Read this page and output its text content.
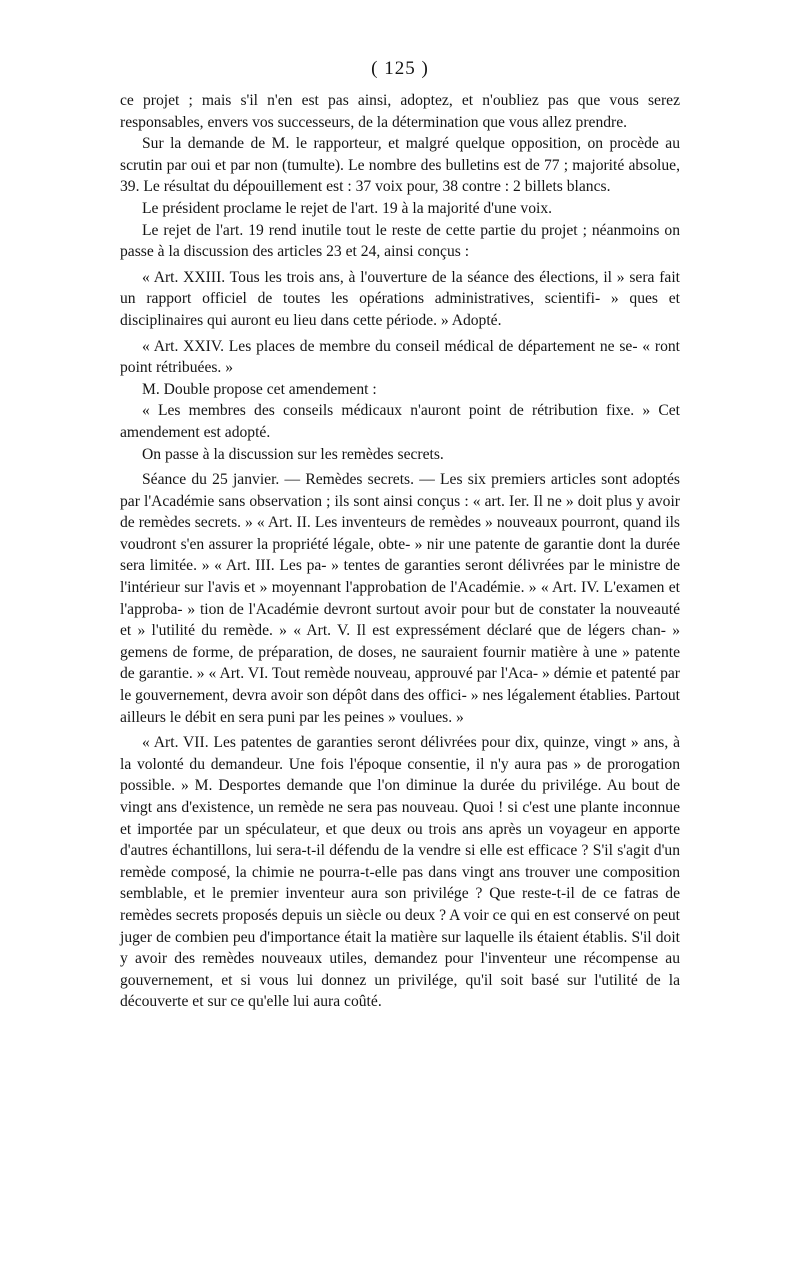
( 125 )

ce projet ; mais s'il n'en est pas ainsi, adoptez, et n'oubliez pas que vous serez responsables, envers vos successeurs, de la détermination que vous allez prendre.

Sur la demande de M. le rapporteur, et malgré quelque opposition, on procède au scrutin par oui et par non (tumulte). Le nombre des bulletins est de 77 ; majorité absolue, 39. Le résultat du dépouillement est : 37 voix pour, 38 contre : 2 billets blancs.

Le président proclame le rejet de l'art. 19 à la majorité d'une voix.

Le rejet de l'art. 19 rend inutile tout le reste de cette partie du projet ; néanmoins on passe à la discussion des articles 23 et 24, ainsi conçus :

« Art. XXIII. Tous les trois ans, à l'ouverture de la séance des élections, il » sera fait un rapport officiel de toutes les opérations administratives, scientifi- » ques et disciplinaires qui auront eu lieu dans cette période. » Adopté.

« Art. XXIV. Les places de membre du conseil médical de département ne se- « ront point rétribuées. »

M. Double propose cet amendement :

« Les membres des conseils médicaux n'auront point de rétribution fixe. » Cet amendement est adopté.

On passe à la discussion sur les remèdes secrets.

Séance du 25 janvier. — Remèdes secrets. — Les six premiers articles sont adoptés par l'Académie sans observation ; ils sont ainsi conçus : « art. Ier. Il ne » doit plus y avoir de remèdes secrets. » « Art. II. Les inventeurs de remèdes » nouveaux pourront, quand ils voudront s'en assurer la propriété légale, obte- » nir une patente de garantie dont la durée sera limitée. » « Art. III. Les pa- » tentes de garanties seront délivrées par le ministre de l'intérieur sur l'avis et » moyennant l'approbation de l'Académie. » « Art. IV. L'examen et l'approba- » tion de l'Académie devront surtout avoir pour but de constater la nouveauté et » l'utilité du remède. » « Art. V. Il est expressément déclaré que de légers chan- » gemens de forme, de préparation, de doses, ne sauraient fournir matière à une » patente de garantie. » « Art. VI. Tout remède nouveau, approuvé par l'Aca- » démie et patenté par le gouvernement, devra avoir son dépôt dans des offici- » nes légalement établies. Partout ailleurs le débit en sera puni par les peines » voulues. »

« Art. VII. Les patentes de garanties seront délivrées pour dix, quinze, vingt » ans, à la volonté du demandeur. Une fois l'époque consentie, il n'y aura pas » de prorogation possible. » M. Desportes demande que l'on diminue la durée du privilége. Au bout de vingt ans d'existence, un remède ne sera pas nouveau. Quoi ! si c'est une plante inconnue et importée par un spéculateur, et que deux ou trois ans après un voyageur en apporte d'autres échantillons, lui sera-t-il défendu de la vendre si elle est efficace ? S'il s'agit d'un remède composé, la chimie ne pourra-t-elle pas dans vingt ans trouver une composition semblable, et le premier inventeur aura son privilége ? Que reste-t-il de ce fatras de remèdes secrets proposés depuis un siècle ou deux ? A voir ce qui en est conservé on peut juger de combien peu d'importance était la matière sur laquelle ils étaient établis. S'il doit y avoir des remèdes nouveaux utiles, demandez pour l'inventeur une récompense au gouvernement, et si vous lui donnez un privilége, qu'il soit basé sur l'utilité de la découverte et sur ce qu'elle lui aura coûté.
